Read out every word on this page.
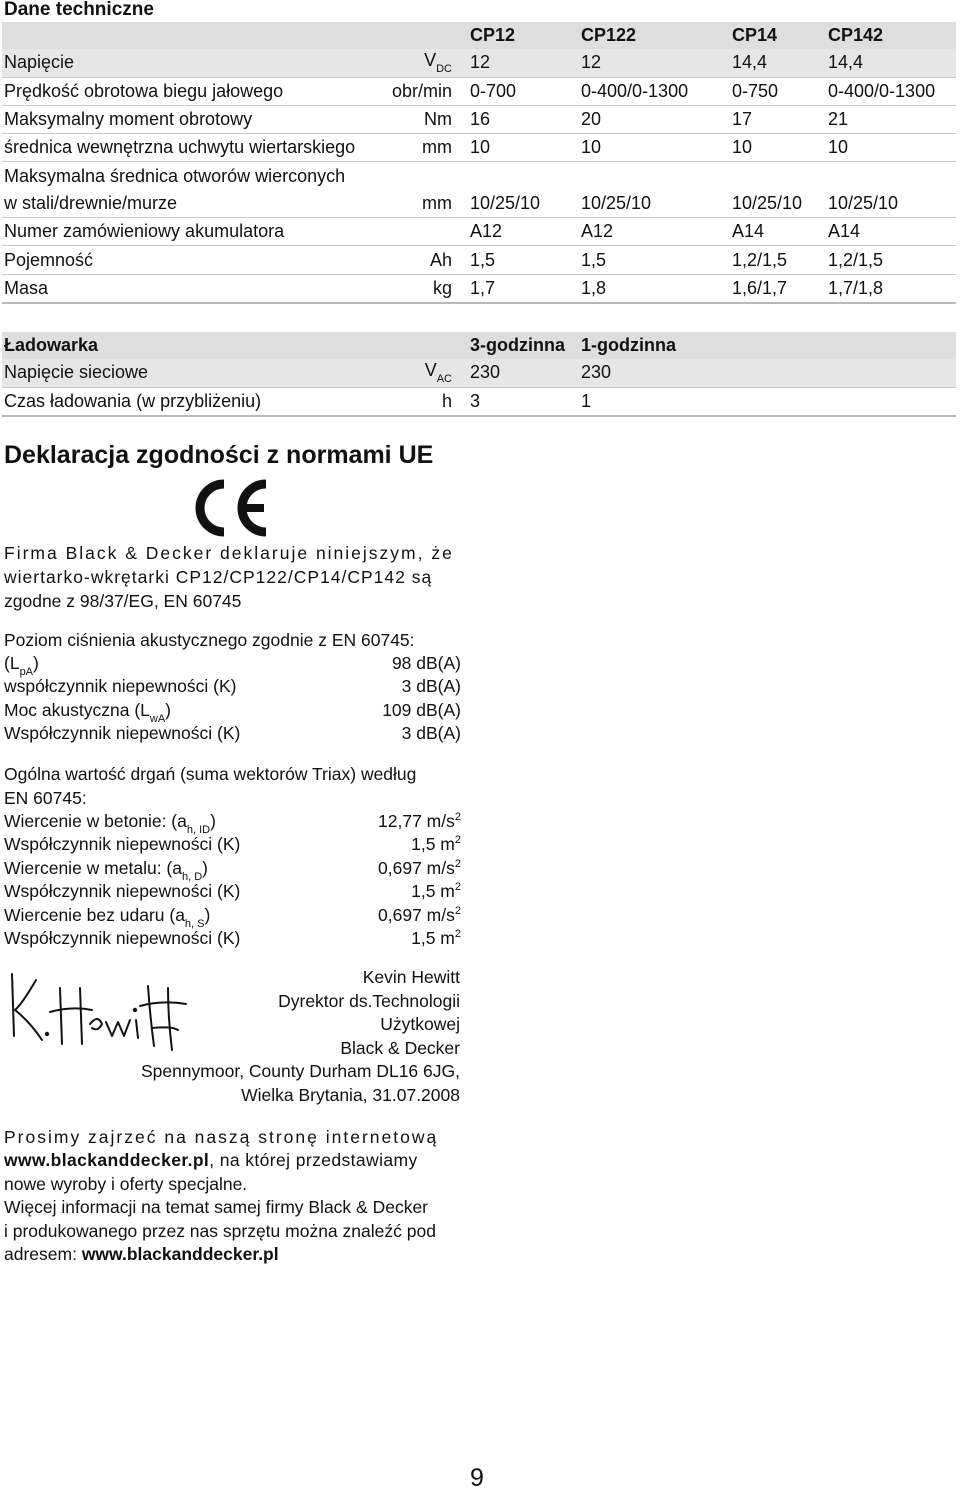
Dane techniczne
		CP12	CP122	CP14	CP142
Napięcie	$V_{DC}$	12	12	14,4	14,4
Prędkość obrotowa biegu jałowego	obr/min	0-700	0-400/0-1300	0-750	0-400/0-1300
Maksymalny moment obrotowy	Nm	16	20	17	21
średnica wewnętrzna uchwytu wiertarskiego	mm	10	10	10	10
Maksymalna średnica otworów wierconych					
w stali/drewnie/murze	mm	10/25/10	10/25/10	10/25/10	10/25/10
Numer zamówieniowy akumulatora		A12	A12	A14	A14
Pojemność	Ah	1,5	1,5	1,2/1,5	1,2/1,5
Masa	kg	1,7	1,8	1,6/1,7	1,7/1,8
Ładowarka		3-godzinna	1-godzinna		
Napięcie sieciowe	$V_{AC}$	230	230		
Czas ładowania (w przybliżeniu)	h	3	1		
Deklaracja zgodności z normami UE
Firma Black & Decker deklaruje niniejszym, że
wiertarko-wkrętarki CP12/CP122/CP14/CP142 są
zgodne z 98/37/EG, EN 60745
Poziom ciśnienia akustycznego zgodnie z EN 60745:
$(L_{pA})$	98 dB(A)
współczynnik niepewności (K)	3 dB(A)
Moc akustyczna $(L_{wA})$	109 dB(A)
Współczynnik niepewności (K)	3 dB(A)
Ogólna wartość drgań (suma wektorów Triax) według
EN 60745:
Wiercenie w betonie: $(a_{h, ID})$	12,77 $m/s^2$
Współczynnik niepewności (K)	1,5 $m^2$
Wiercenie w metalu: $(a_{h, D})$	0,697 $m/s^2$
Współczynnik niepewności (K)	1,5 $m^2$
Wiercenie bez udaru $(a_{h, S})$	0,697 $m/s^2$
Współczynnik niepewności (K)	1,5 $m^2$
Kevin Hewitt
Dyrektor ds.Technologii
Użytkowej
Black & Decker
Spennymoor, County Durham DL16 6JG,
Wielka Brytania, 31.07.2008
Prosimy zajrzeć na naszą stronę internetową
www.blackanddecker.pl, na której przedstawiamy
nowe wyroby i oferty specjalne.
Więcej informacji na temat samej firmy Black & Decker
i produkowanego przez nas sprzętu można znaleźć pod
adresem: www.blackanddecker.pl
9
